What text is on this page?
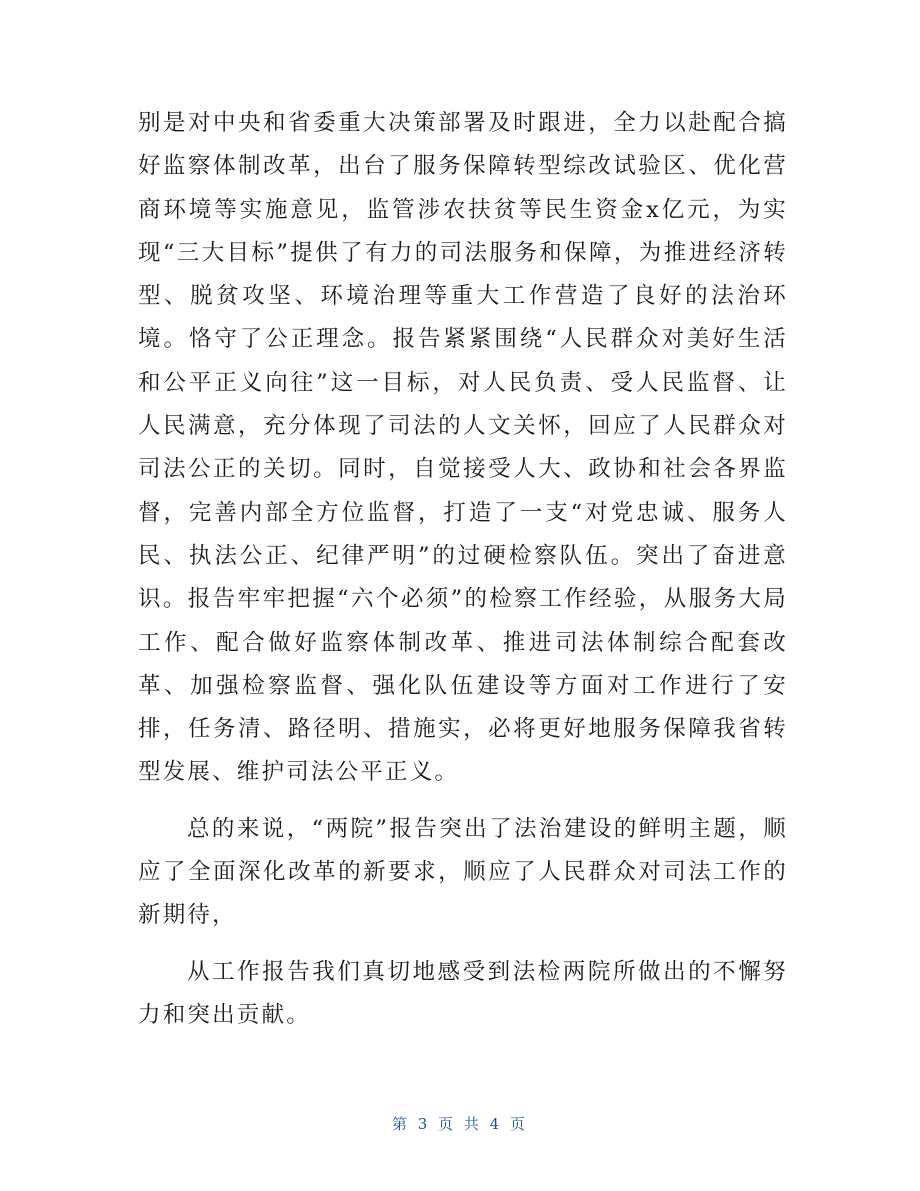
别是对中央和省委重大决策部署及时跟进，全力以赴配合搞好监察体制改革，出台了服务保障转型综改试验区、优化营商环境等实施意见，监管涉农扶贫等民生资金x亿元，为实现“三大目标”提供了有力的司法服务和保障，为推进经济转型、脱贫攻坚、环境治理等重大工作营造了良好的法治环境。恪守了公正理念。报告紧紧围绕“人民群众对美好生活和公平正义向往”这一目标，对人民负责、受人民监督、让人民满意，充分体现了司法的人文关怀，回应了人民群众对司法公正的关切。同时，自觉接受人大、政协和社会各界监督，完善内部全方位监督，打造了一支“对党忠诚、服务人民、执法公正、纪律严明”的过硬检察队伍。突出了奋进意识。报告牢牢把握“六个必须”的检察工作经验，从服务大局工作、配合做好监察体制改革、推进司法体制综合配套改革、加强检察监督、强化队伍建设等方面对工作进行了安排，任务清、路径明、措施实，必将更好地服务保障我省转型发展、维护司法公平正义。

总的来说，“两院”报告突出了法治建设的鲜明主题，顺应了全面深化改革的新要求，顺应了人民群众对司法工作的新期待，

从工作报告我们真切地感受到法检两院所做出的不懈努力和突出贡献。

第 3 页 共 4 页
